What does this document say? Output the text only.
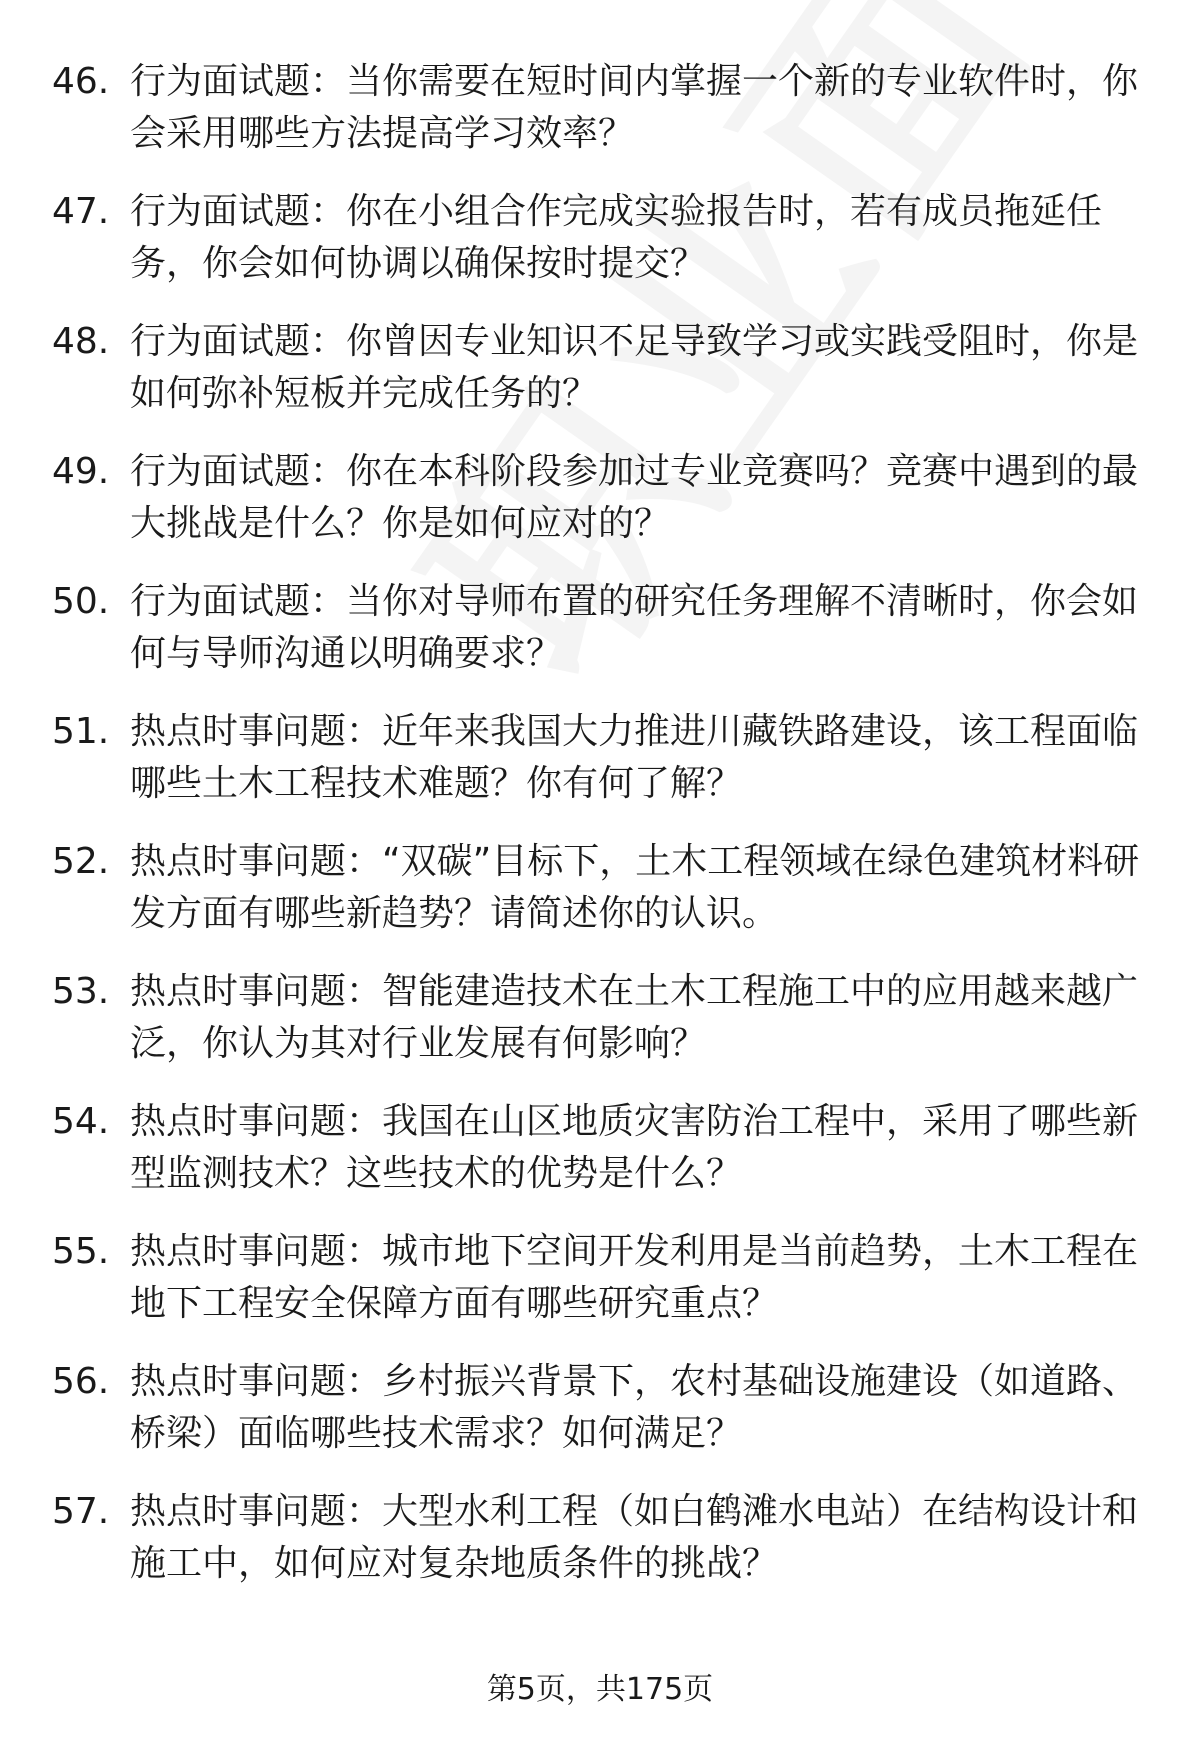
46. 行为面试题：当你需要在短时间内掌握一个新的专业软件时，你会采用哪些方法提高学习效率？
47. 行为面试题：你在小组合作完成实验报告时，若有成员拖延任务，你会如何协调以确保按时提交？
48. 行为面试题：你曾因专业知识不足导致学习或实践受阻时，你是如何弥补短板并完成任务的？
49. 行为面试题：你在本科阶段参加过专业竞赛吗？竞赛中遇到的最大挑战是什么？你是如何应对的？
50. 行为面试题：当你对导师布置的研究任务理解不清晰时，你会如何与导师沟通以明确要求？
51. 热点时事问题：近年来我国大力推进川藏铁路建设，该工程面临哪些土木工程技术难题？你有何了解？
52. 热点时事问题：“双碳”目标下，土木工程领域在绿色建筑材料研发方面有哪些新趋势？请简述你的认识。
53. 热点时事问题：智能建造技术在土木工程施工中的应用越来越广泛，你认为其对行业发展有何影响？
54. 热点时事问题：我国在山区地质灾害防治工程中，采用了哪些新型监测技术？这些技术的优势是什么？
55. 热点时事问题：城市地下空间开发利用是当前趋势，土木工程在地下工程安全保障方面有哪些研究重点？
56. 热点时事问题：乡村振兴背景下，农村基础设施建设（如道路、桥梁）面临哪些技术需求？如何满足？
57. 热点时事问题：大型水利工程（如白鹤滩水电站）在结构设计和施工中，如何应对复杂地质条件的挑战？
第5页，共175页
